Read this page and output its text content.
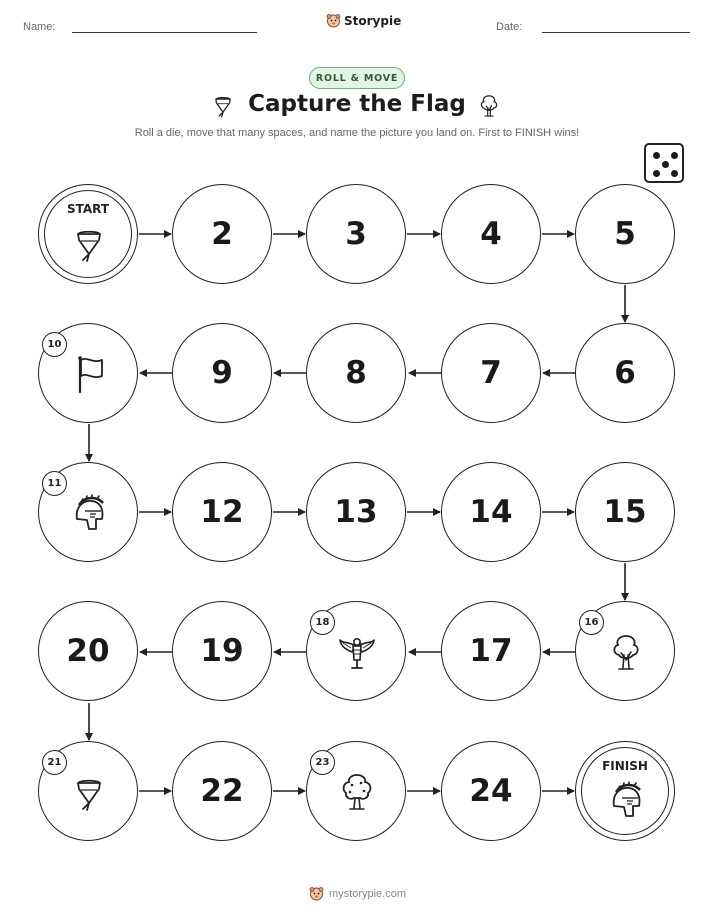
Name:	Storypie	Date:
ROLL & MOVE
Capture the Flag
Roll a die, move that many spaces, and name the picture you land on. First to FINISH wins!
START
2	3	4	5
10
9	8	7	6
11
12	13	14	15
20	19
18
17
16
21
22
23
24
FINISH
mystorypie.com
